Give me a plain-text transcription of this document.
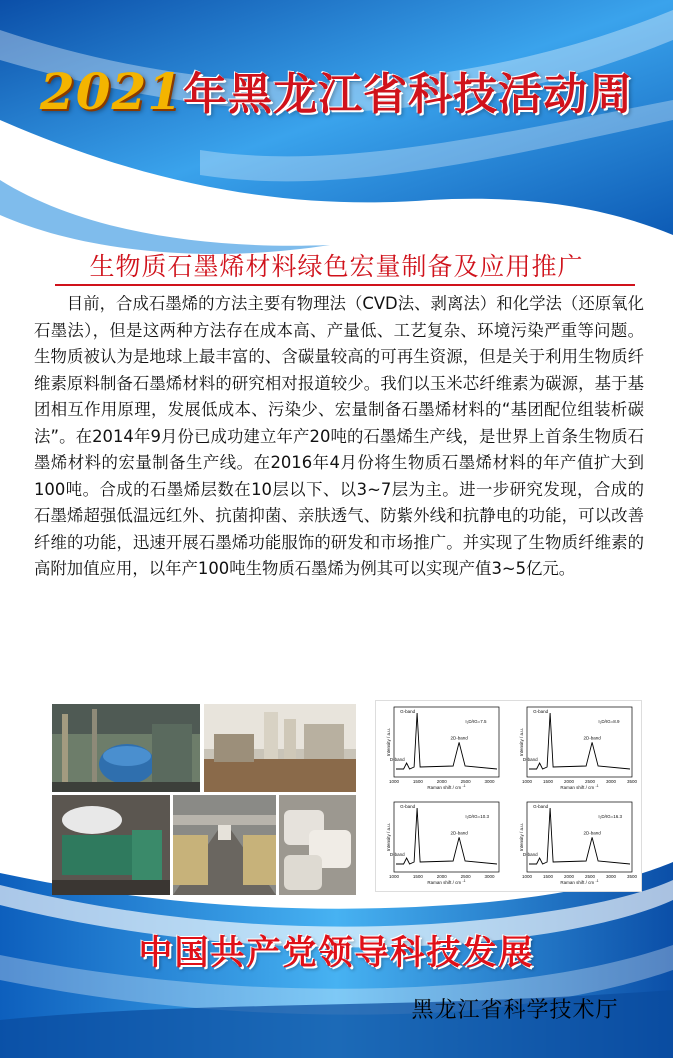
2021年黑龙江省科技活动周
生物质石墨烯材料绿色宏量制备及应用推广

目前，合成石墨烯的方法主要有物理法（CVD法、剥离法）和化学法（还原氧化石墨法），但是这两种方法存在成本高、产量低、工艺复杂、环境污染严重等问题。生物质被认为是地球上最丰富的、含碳量较高的可再生资源，但是关于利用生物质纤维素原料制备石墨烯材料的研究相对报道较少。我们以玉米芯纤维素为碳源，基于基团相互作用原理，发展低成本、污染少、宏量制备石墨烯材料的“基团配位组装析碳法”。在2014年9月份已成功建立年产20吨的石墨烯生产线，是世界上首条生物质石墨烯材料的宏量制备生产线。在2016年4月份将生物质石墨烯材料的年产值扩大到100吨。合成的石墨烯层数在10层以下、以3~7层为主。进一步研究发现，合成的石墨烯超强低温远红外、抗菌抑菌、亲肤透气、防紫外线和抗静电的功能，可以改善纤维的功能，迅速开展石墨烯功能服饰的研发和市场推广。并实现了生物质纤维素的高附加值应用，以年产100吨生物质石墨烯为例其可以实现产值3~5亿元。

G-band
2D-band
D-band
I₂D/IG=7.5
1000	1500	2000	2500	3000
Raman shift / cm $^{-1}$
Intensity / a.u.
G-band
2D-band
D-band
I₂D/IG=8.9
1000 1500 2000 2500 3000 3500
Raman shift / cm $^{-1}$
Intensity / a.u.
G-band
2D-band
D-band
I₂D/IG=10.3
1000	1500	2000	2500	3000
Raman shift / cm $^{-1}$
Intensity / a.u.
G-band
2D-band
D-band
I₂D/IG=16.3
1000 1500 2000 2500 3000 3500
Raman shift / cm $^{-1}$
Intensity / a.u.
中国共产党领导科技发展
黑龙江省科学技术厅
